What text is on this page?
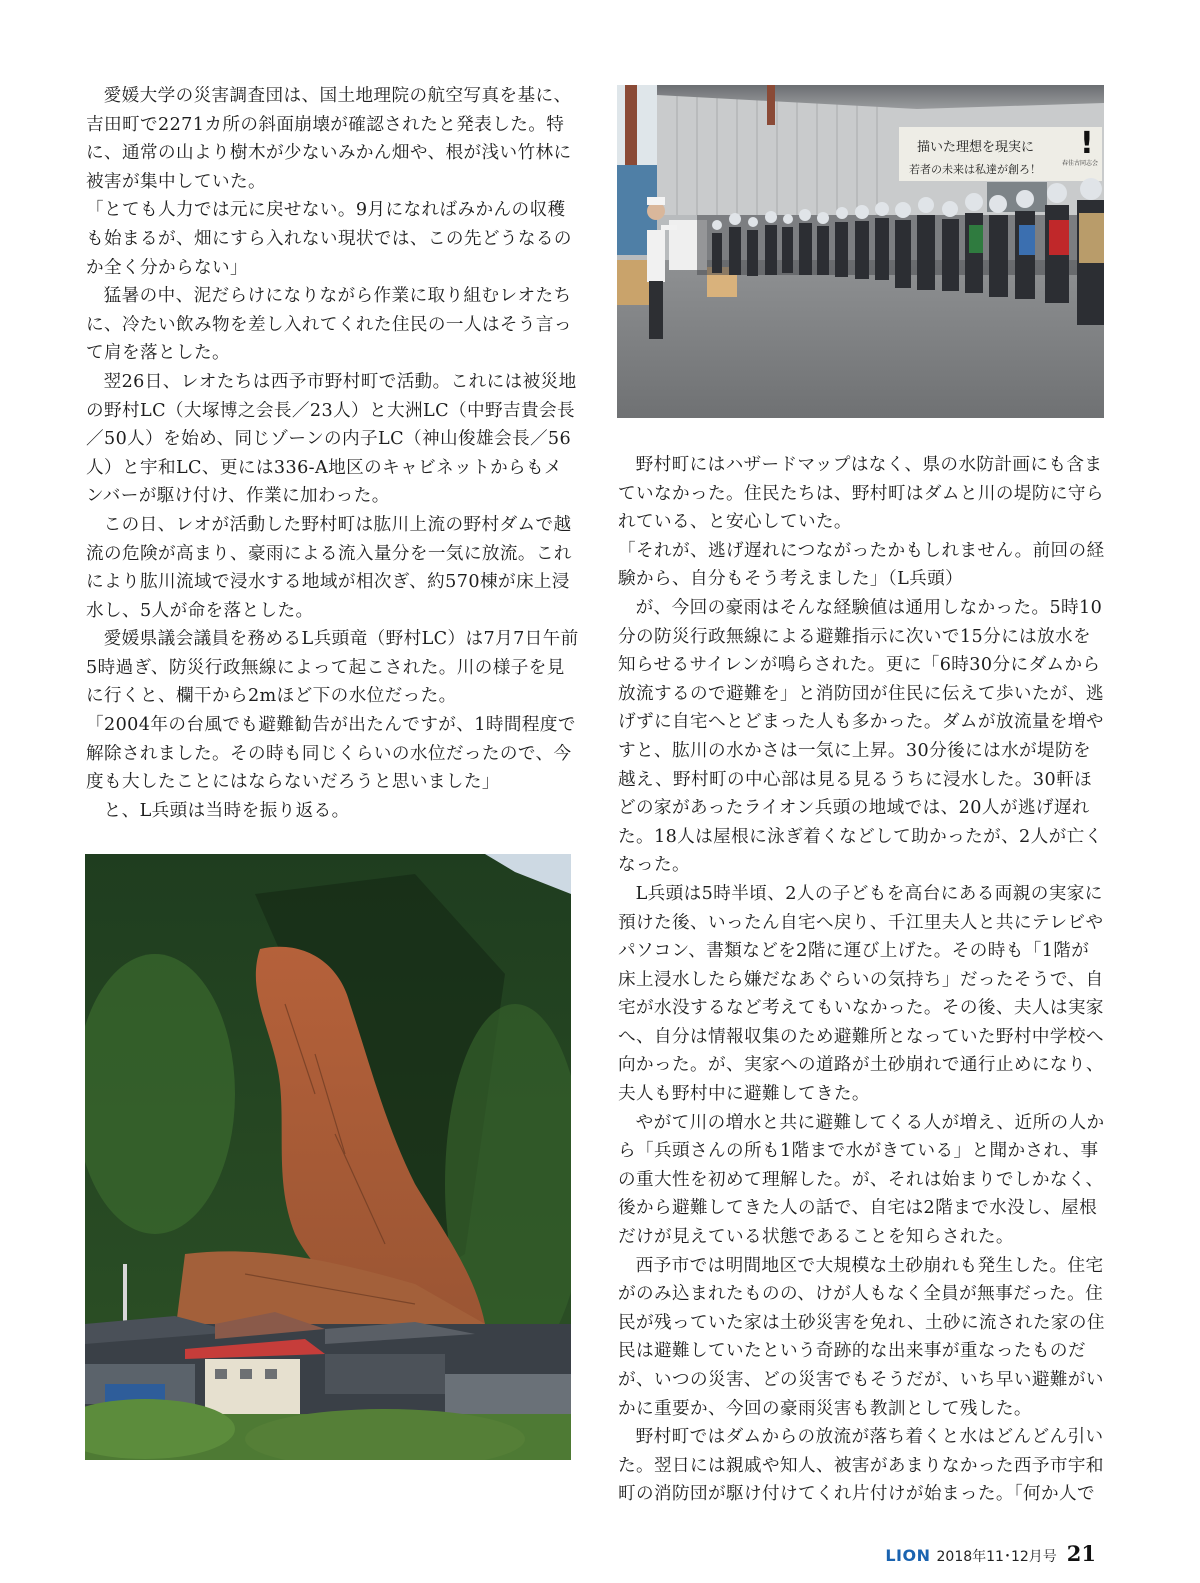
愛媛大学の災害調査団は、国土地理院の航空写真を基に、吉田町で2271カ所の斜面崩壊が確認されたと発表した。特に、通常の山より樹木が少ないみかん畑や、根が浅い竹林に被害が集中していた。

「とても人力では元に戻せない。9月になればみかんの収穫も始まるが、畑にすら入れない現状では、この先どうなるのか全く分からない」

猛暑の中、泥だらけになりながら作業に取り組むレオたちに、冷たい飲み物を差し入れてくれた住民の一人はそう言って肩を落とした。

翌26日、レオたちは西予市野村町で活動。これには被災地の野村LC（大塚博之会長／23人）と大洲LC（中野吉貴会長／50人）を始め、同じゾーンの内子LC（神山俊雄会長／56人）と宇和LC、更には336-A地区のキャビネットからもメンバーが駆け付け、作業に加わった。

この日、レオが活動した野村町は肱川上流の野村ダムで越流の危険が高まり、豪雨による流入量分を一気に放流。これにより肱川流域で浸水する地域が相次ぎ、約570棟が床上浸水し、5人が命を落とした。

愛媛県議会議員を務めるL兵頭竜（野村LC）は7月7日午前5時過ぎ、防災行政無線によって起こされた。川の様子を見に行くと、欄干から2mほど下の水位だった。

「2004年の台風でも避難勧告が出たんですが、1時間程度で解除されました。その時も同じくらいの水位だったので、今度も大したことにはならないだろうと思いました」

と、L兵頭は当時を振り返る。

描いた理想を現実に
若者の未来は私達が創ろ！	春佳古同志会
!

野村町にはハザードマップはなく、県の水防計画にも含まていなかった。住民たちは、野村町はダムと川の堤防に守られている、と安心していた。

「それが、逃げ遅れにつながったかもしれません。前回の経験から、自分もそう考えました」（L兵頭）

が、今回の豪雨はそんな経験値は通用しなかった。5時10分の防災行政無線による避難指示に次いで15分には放水を知らせるサイレンが鳴らされた。更に「6時30分にダムから放流するので避難を」と消防団が住民に伝えて歩いたが、逃げずに自宅へとどまった人も多かった。ダムが放流量を増やすと、肱川の水かさは一気に上昇。30分後には水が堤防を越え、野村町の中心部は見る見るうちに浸水した。30軒ほどの家があったライオン兵頭の地域では、20人が逃げ遅れた。18人は屋根に泳ぎ着くなどして助かったが、2人が亡くなった。

L兵頭は5時半頃、2人の子どもを高台にある両親の実家に預けた後、いったん自宅へ戻り、千江里夫人と共にテレビやパソコン、書類などを2階に運び上げた。その時も「1階が床上浸水したら嫌だなあぐらいの気持ち」だったそうで、自宅が水没するなど考えてもいなかった。その後、夫人は実家へ、自分は情報収集のため避難所となっていた野村中学校へ向かった。が、実家への道路が土砂崩れで通行止めになり、夫人も野村中に避難してきた。

やがて川の増水と共に避難してくる人が増え、近所の人から「兵頭さんの所も1階まで水がきている」と聞かされ、事の重大性を初めて理解した。が、それは始まりでしかなく、後から避難してきた人の話で、自宅は2階まで水没し、屋根だけが見えている状態であることを知らされた。

西予市では明間地区で大規模な土砂崩れも発生した。住宅がのみ込まれたものの、けが人もなく全員が無事だった。住民が残っていた家は土砂災害を免れ、土砂に流された家の住民は避難していたという奇跡的な出来事が重なったものだが、いつの災害、どの災害でもそうだが、いち早い避難がいかに重要か、今回の豪雨災害も教訓として残した。

野村町ではダムからの放流が落ち着くと水はどんどん引いた。翌日には親戚や知人、被害があまりなかった西予市宇和町の消防団が駆け付けてくれ片付けが始まった。「何か人で

LION 2018年11･12月号 21
